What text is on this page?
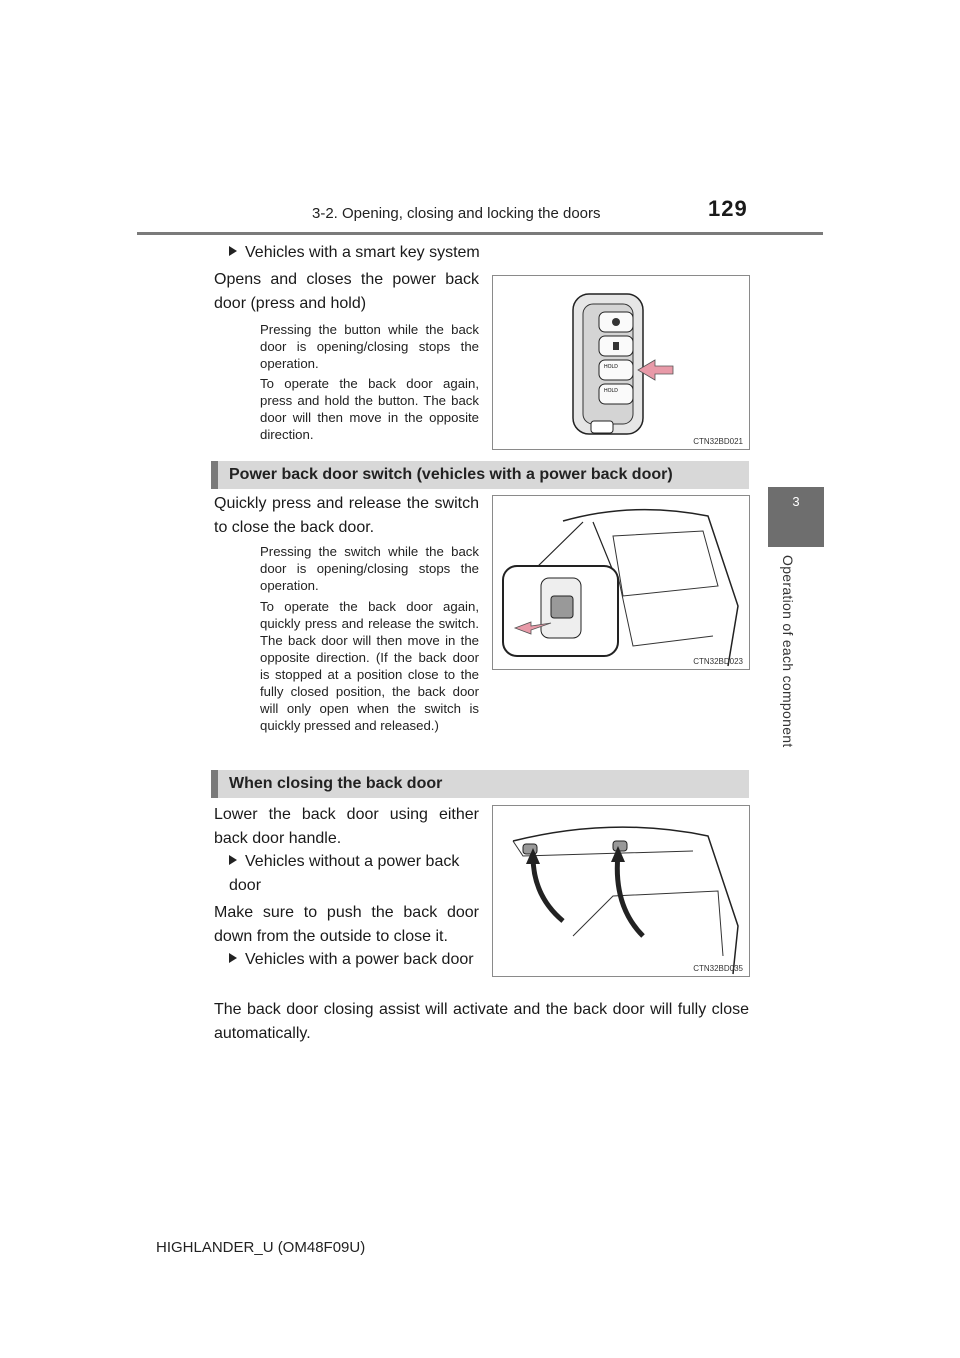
3-2. Opening, closing and locking the doors	129
3
Operation of each component
Vehicles with a smart key system
Opens and closes the power back door (press and hold)
Pressing the button while the back door is opening/closing stops the operation.
To operate the back door again, press and hold the button. The back door will then move in the opposite direction.
HOLD
HOLD
CTN32BD021
Power back door switch (vehicles with a power back door)
Quickly press and release the switch to close the back door.
Pressing the switch while the back door is opening/closing stops the operation.
To operate the back door again, quickly press and release the switch. The back door will then move in the opposite direction. (If the back door is stopped at a position close to the fully closed position, the back door will only open when the switch is quickly pressed and released.)
CTN32BD023
When closing the back door
Lower the back door using either back door handle.
Vehicles without a power back door
Make sure to push the back door down from the outside to close it.
Vehicles with a power back door
The back door closing assist will activate and the back door will fully close automatically.
CTN32BD035
HIGHLANDER_U (OM48F09U)
